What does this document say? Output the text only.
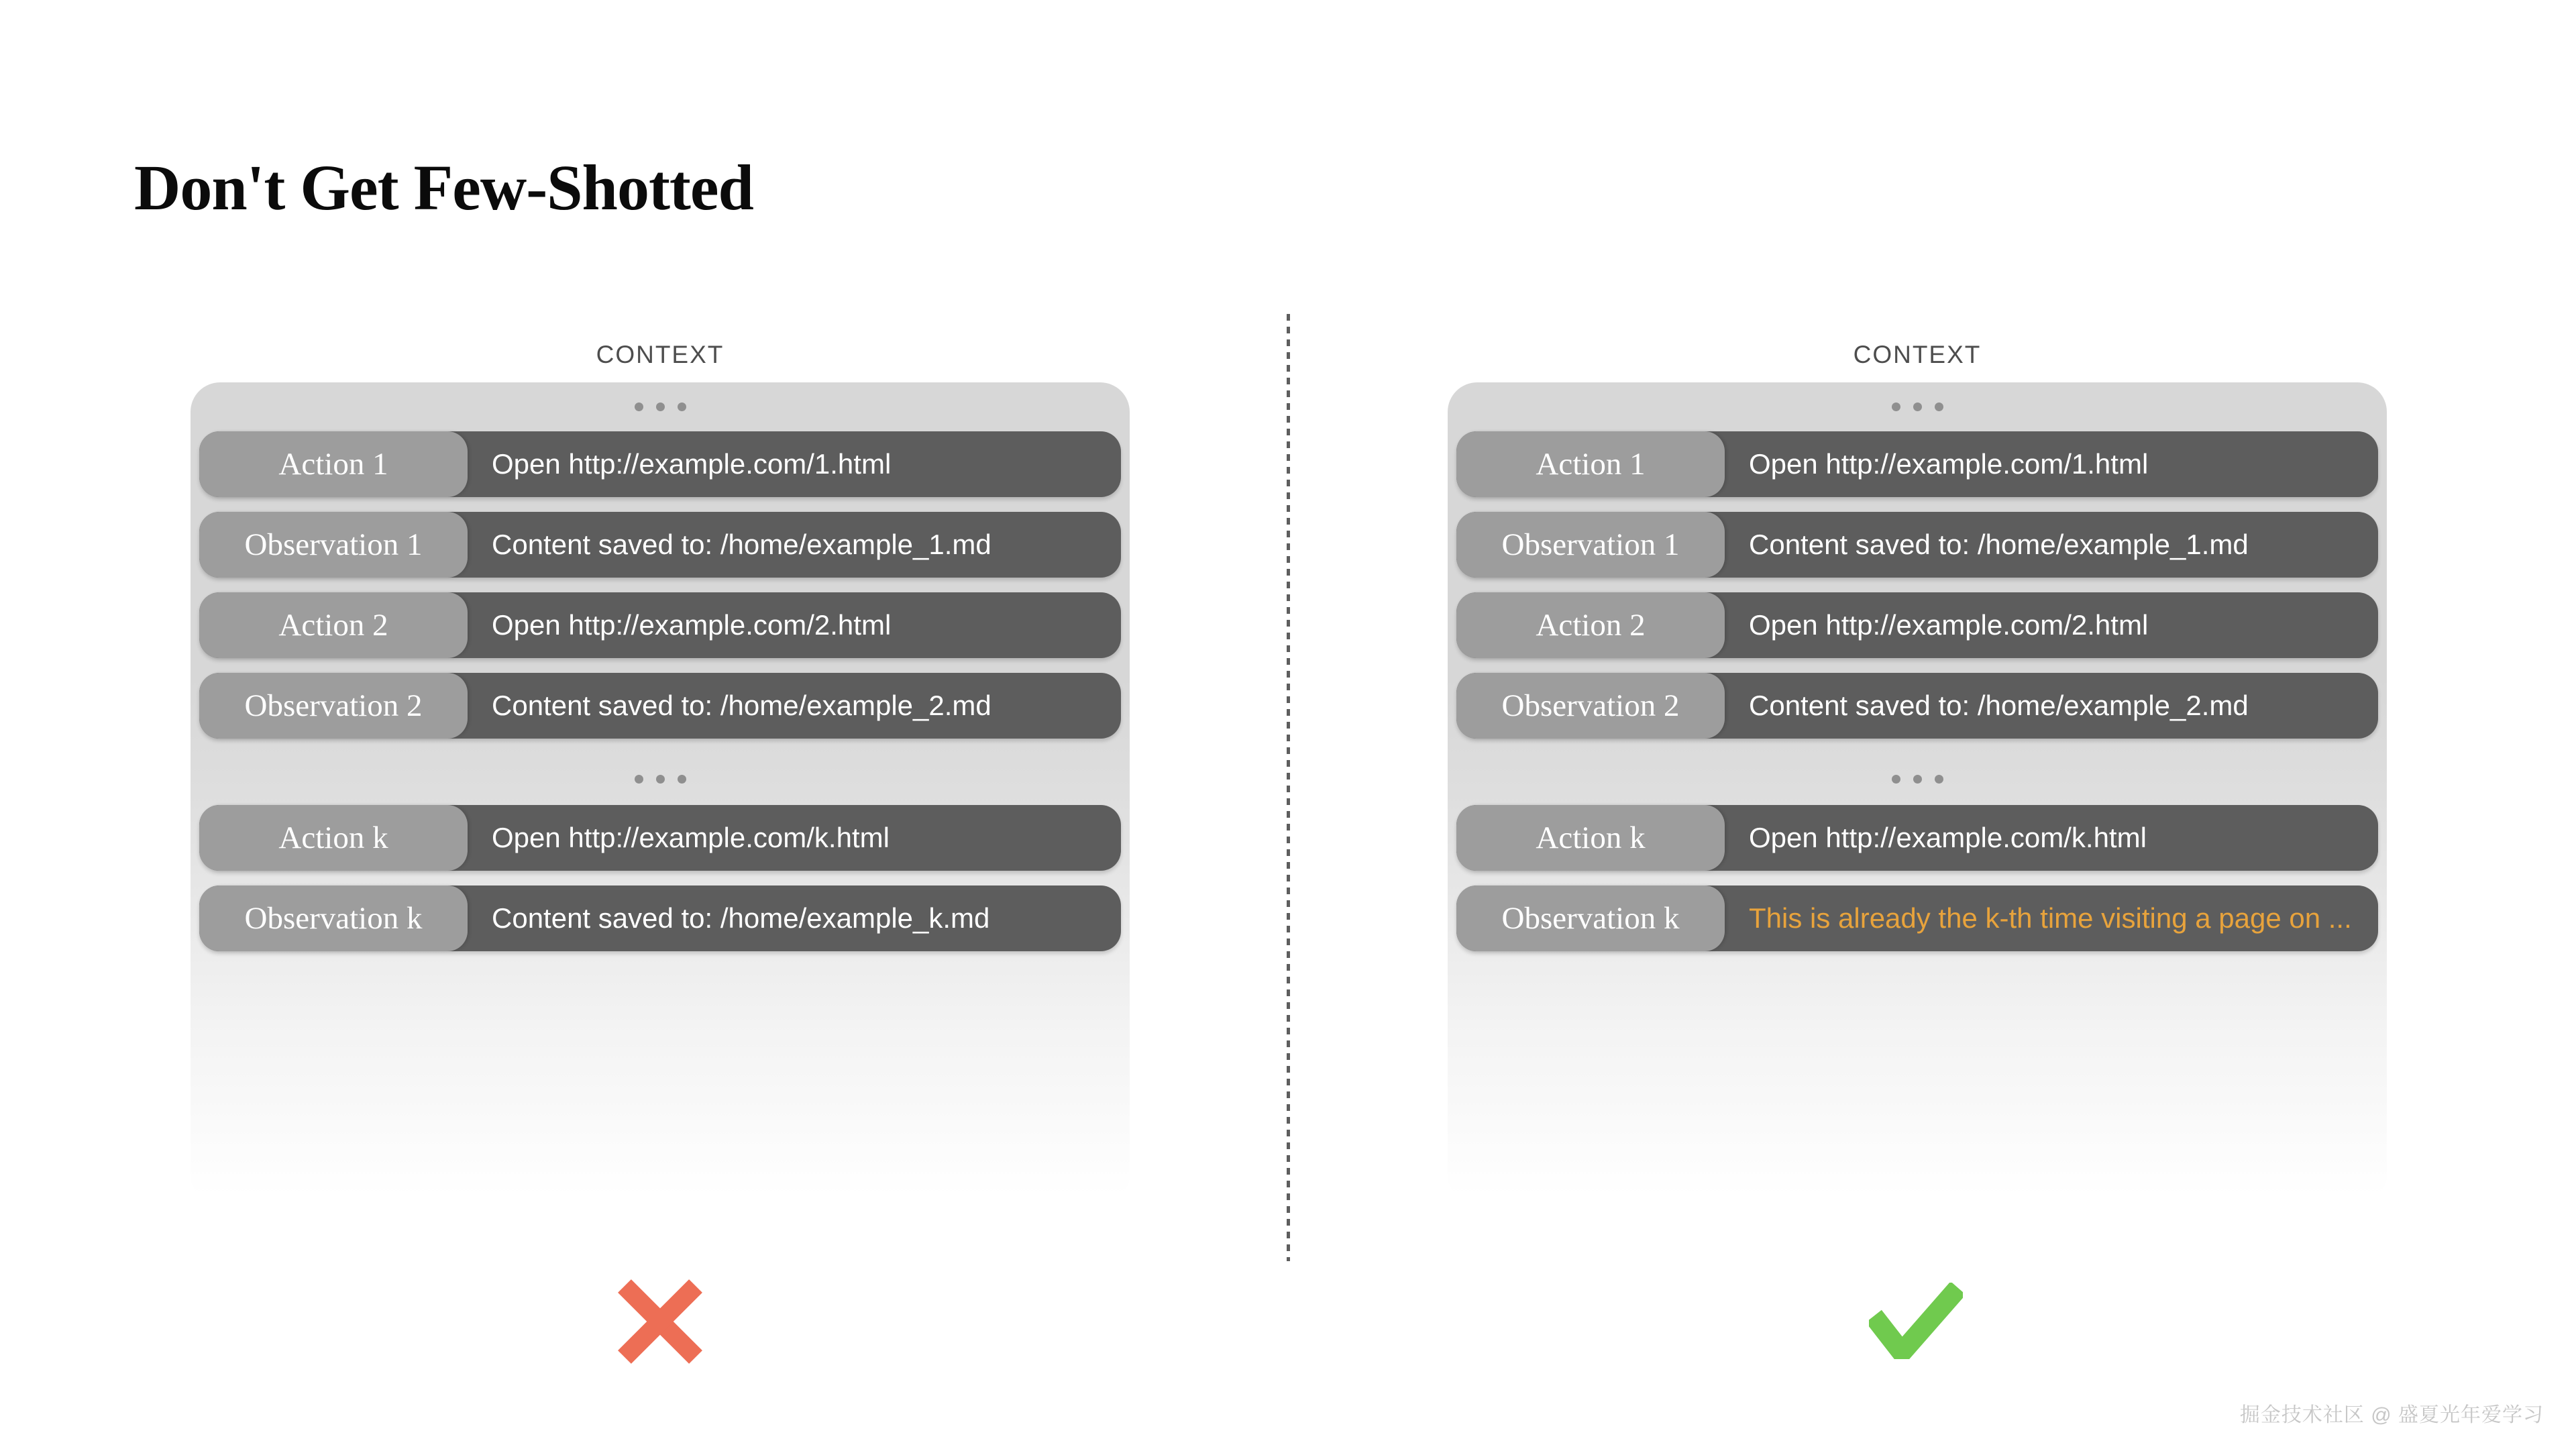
Don't Get Few-Shotted
CONTEXT	CONTEXT
Open http://example.com/1.html
Action 1
Content saved to: /home/example_1.md
Observation 1
Open http://example.com/2.html
Action 2
Content saved to: /home/example_2.md
Observation 2
Open http://example.com/k.html
Action k
Content saved to: /home/example_k.md
Observation k
Open http://example.com/1.html
Action 1
Content saved to: /home/example_1.md
Observation 1
Open http://example.com/2.html
Action 2
Content saved to: /home/example_2.md
Observation 2
Open http://example.com/k.html
Action k
This is already the k-th time visiting a page on ...
Observation k
掘金技术社区 @ 盛夏光年爱学习
